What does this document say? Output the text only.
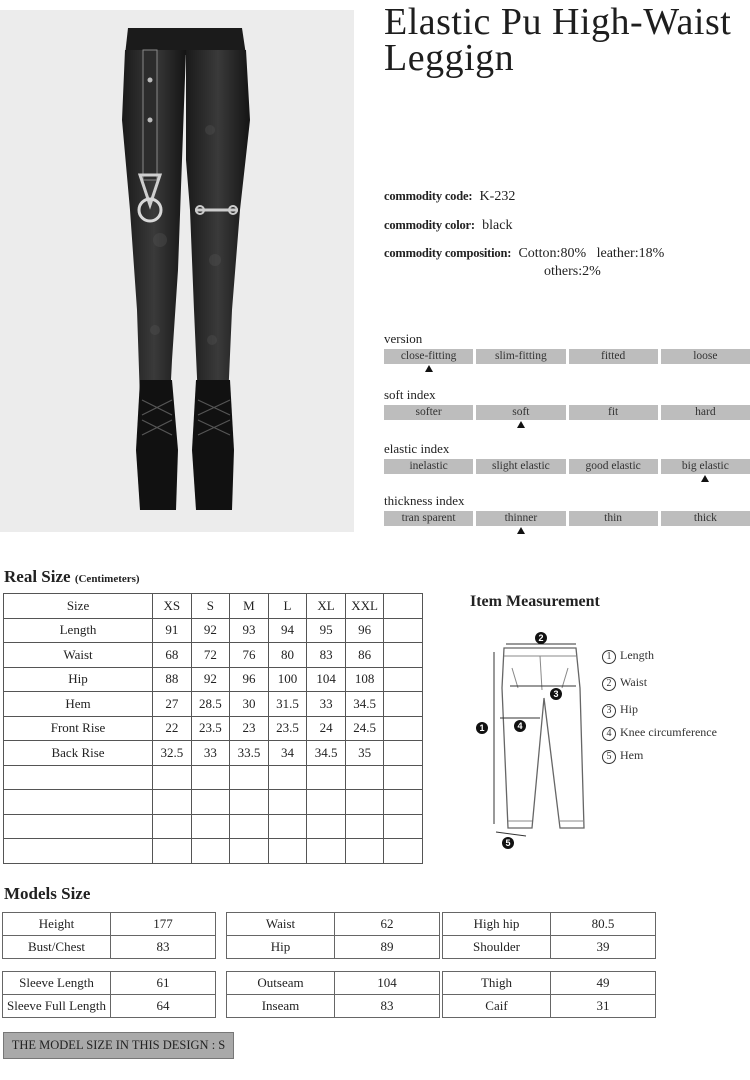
Elastic Pu High-Waist Leggign
commodity code: K-232
commodity color: black
commodity composition: Cotton:80%   leather:18%
others:2%
version
close-fitting	slim-fitting	fitted	loose
soft index
softer	soft	fit	hard
elastic index
inelastic	slight elastic	good elastic	big elastic
thickness index
tran sparent	thinner	thin	thick
Real Size (Centimeters)
Size	XS	S	M	L	XL	XXL	
Length	91	92	93	94	95	96	
Waist	68	72	76	80	83	86	
Hip	88	92	96	100	104	108	
Hem	27	28.5	30	31.5	33	34.5	
Front Rise	22	23.5	23	23.5	24	24.5	
Back Rise	32.5	33	33.5	34	34.5	35	

Item Measurement
2
3
1	4
5
1 Length
2 Waist
3 Hip
4 Knee circumference
5 Hem
Models Size
Height	177
Bust/Chest	83
Waist	62
Hip	89
High hip	80.5
Shoulder	39
Sleeve Length	61
Sleeve Full Length	64
Outseam	104
Inseam	83
Thigh	49
Caif	31
THE MODEL SIZE IN THIS DESIGN : S
